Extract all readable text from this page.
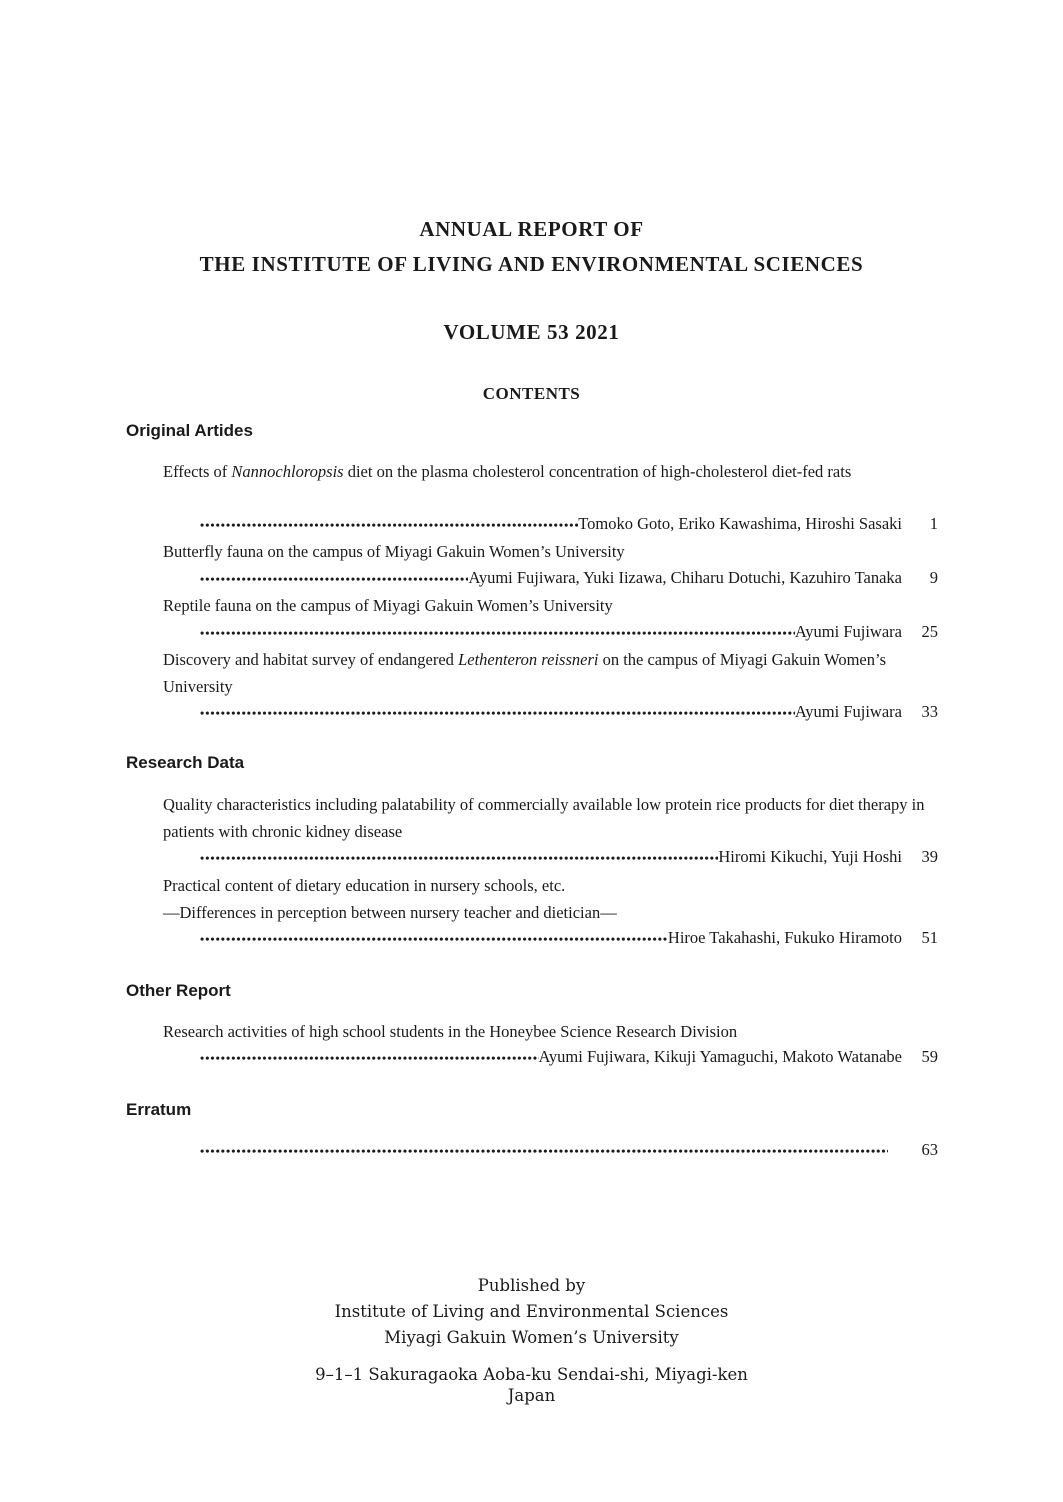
ANNUAL REPORT OF
THE INSTITUTE OF LIVING AND ENVIRONMENTAL SCIENCES
VOLUME 53 2021
CONTENTS
Original Artides
Effects of Nannochloropsis diet on the plasma cholesterol concentration of high-cholesterol diet-fed rats
•••••
Tomoko Goto, Eriko Kawashima, Hiroshi Sasaki	1
Butterfly fauna on the campus of Miyagi Gakuin Women’s University
•••••
Ayumi Fujiwara, Yuki Iizawa, Chiharu Dotuchi, Kazuhiro Tanaka	9
Reptile fauna on the campus of Miyagi Gakuin Women’s University
•••••
Ayumi Fujiwara	25
Discovery and habitat survey of endangered Lethenteron reissneri on the campus of Miyagi Gakuin Women’s University
•••••
Ayumi Fujiwara	33
Research Data
Quality characteristics including palatability of commercially available low protein rice products for diet therapy in patients with chronic kidney disease
•••••
Hiromi Kikuchi, Yuji Hoshi	39
Practical content of dietary education in nursery schools, etc.
―Differences in perception between nursery teacher and dietician―
•••••
Hiroe Takahashi, Fukuko Hiramoto	51
Other Report
Research activities of high school students in the Honeybee Science Research Division
•••••
Ayumi Fujiwara, Kikuji Yamaguchi, Makoto Watanabe	59
Erratum
•••••
63
Published by
Institute of Living and Environmental Sciences
Miyagi Gakuin Women’s University
9–1–1 Sakuragaoka Aoba-ku Sendai-shi, Miyagi-ken
Japan
